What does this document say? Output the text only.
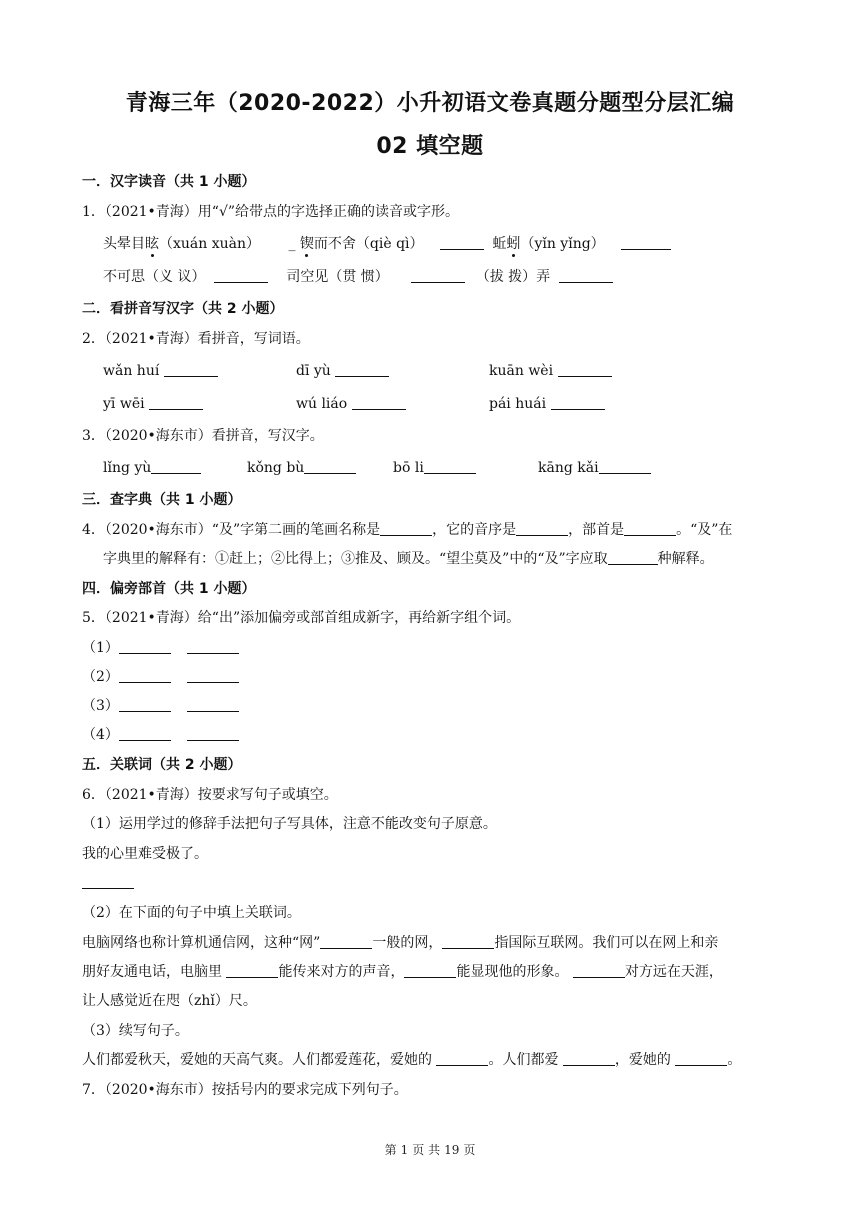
青海三年（2020-2022）小升初语文卷真题分题型分层汇编
02 填空题
一．汉字读音（共 1 小题）
1．（2021•青海）用“√”给带点的字选择正确的读音或字形。
头晕目眩（xuán xuàn） _ 锲而不舍（qiè qì）	蚯蚓（yǐn yǐng）
不可思（义 议）	司空见（贯 惯）	（拔 拨）弄
二．看拼音写汉字（共 2 小题）
2．（2021•青海）看拼音，写词语。
wǎn huí	dī yù	kuān wèi
yī wēi	wú liáo	pái huái
3．（2020•海东市）看拼音，写汉字。
lǐng yù	kǒng bù	bō li	kāng kǎi
三．查字典（共 1 小题）
4．（2020•海东市）“及”字第二画的笔画名称是	，它的音序是	，部首是	。“及”在
字典里的解释有：①赶上；②比得上；③推及、顾及。“望尘莫及”中的“及”字应取	种解释。
四．偏旁部首（共 1 小题）
5．（2021•青海）给“出”添加偏旁或部首组成新字，再给新字组个词。
（1）
（2）
（3）
（4）
五．关联词（共 2 小题）
6．（2021•青海）按要求写句子或填空。
（1）运用学过的修辞手法把句子写具体，注意不能改变句子原意。
我的心里难受极了。
（2）在下面的句子中填上关联词。
电脑网络也称计算机通信网，这种“网”	一般的网，	指国际互联网。我们可以在网上和亲
朋好友通电话，电脑里	能传来对方的声音，	能显现他的形象。	对方远在天涯，
让人感觉近在咫（zhǐ）尺。
（3）续写句子。
人们都爱秋天，爱她的天高气爽。人们都爱莲花，爱她的	。人们都爱	，爱她的	。
7．（2020•海东市）按括号内的要求完成下列句子。
第 1 页 共 19 页
